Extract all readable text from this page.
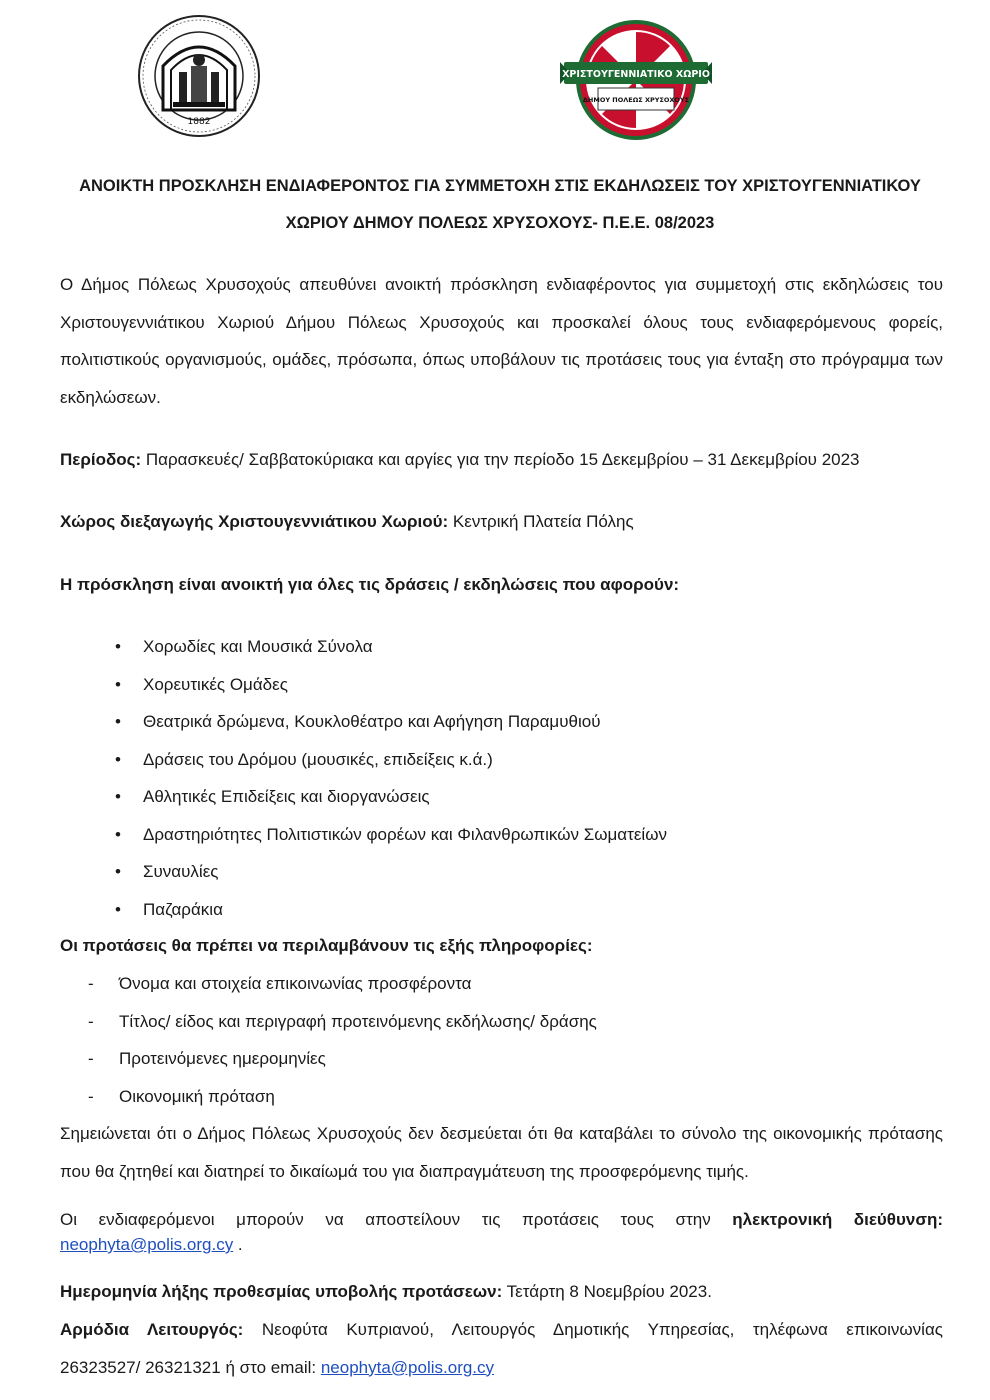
1882
ΧΡΙΣΤΟΥΓΕΝΝΙΑΤΙΚΟ ΧΩΡΙΟ
ΔΗΜΟΥ ΠΟΛΕΩΣ ΧΡΥΣΟΧΟΥΣ
ΑΝΟΙΚΤΗ ΠΡΟΣΚΛΗΣΗ ΕΝΔΙΑΦΕΡΟΝΤΟΣ ΓΙΑ ΣΥΜΜΕΤΟΧΗ ΣΤΙΣ ΕΚΔΗΛΩΣΕΙΣ ΤΟΥ ΧΡΙΣΤΟΥΓΕΝΝΙΑΤΙΚΟΥ
ΧΩΡΙΟΥ ΔΗΜΟΥ ΠΟΛΕΩΣ ΧΡΥΣΟΧΟΥΣ- Π.Ε.Ε. 08/2023
Ο Δήμος Πόλεως Χρυσοχούς απευθύνει ανοικτή πρόσκληση ενδιαφέροντος για συμμετοχή στις εκδηλώσεις του Χριστουγεννιάτικου Χωριού Δήμου Πόλεως Χρυσοχούς και προσκαλεί όλους τους ενδιαφερόμενους φορείς, πολιτιστικούς οργανισμούς, ομάδες, πρόσωπα, όπως υποβάλουν τις προτάσεις τους για ένταξη στο πρόγραμμα των εκδηλώσεων.
Περίοδος: Παρασκευές/ Σαββατοκύριακα και αργίες για την περίοδο 15 Δεκεμβρίου – 31 Δεκεμβρίου 2023
Χώρος διεξαγωγής Χριστουγεννιάτικου Χωριού: Κεντρική Πλατεία Πόλης
Η πρόσκληση είναι ανοικτή για όλες τις δράσεις / εκδηλώσεις που αφορούν:
• Χορωδίες και Μουσικά Σύνολα
• Χορευτικές Ομάδες
• Θεατρικά δρώμενα, Κουκλοθέατρο και Αφήγηση Παραμυθιού
• Δράσεις του Δρόμου (μουσικές, επιδείξεις κ.ά.)
• Αθλητικές Επιδείξεις και διοργανώσεις
• Δραστηριότητες Πολιτιστικών φορέων και Φιλανθρωπικών Σωματείων
• Συναυλίες
• Παζαράκια
Οι προτάσεις θα πρέπει να περιλαμβάνουν τις εξής πληροφορίες:
- Όνομα και στοιχεία επικοινωνίας προσφέροντα
- Τίτλος/ είδος και περιγραφή προτεινόμενης εκδήλωσης/ δράσης
- Προτεινόμενες ημερομηνίες
- Οικονομική πρόταση
Σημειώνεται ότι ο Δήμος Πόλεως Χρυσοχούς δεν δεσμεύεται ότι θα καταβάλει το σύνολο της οικονομικής πρότασης που θα ζητηθεί και διατηρεί το δικαίωμά του για διαπραγμάτευση της προσφερόμενης τιμής.
Οι ενδιαφερόμενοι μπορούν να αποστείλουν τις προτάσεις τους στην ηλεκτρονική διεύθυνση:
neophyta@polis.org.cy .
Ημερομηνία λήξης προθεσμίας υποβολής προτάσεων: Τετάρτη 8 Νοεμβρίου 2023.
Αρμόδια Λειτουργός: Νεοφύτα Κυπριανού, Λειτουργός Δημοτικής Υπηρεσίας, τηλέφωνα επικοινωνίας
26323527/ 26321321 ή στο email: neophyta@polis.org.cy
